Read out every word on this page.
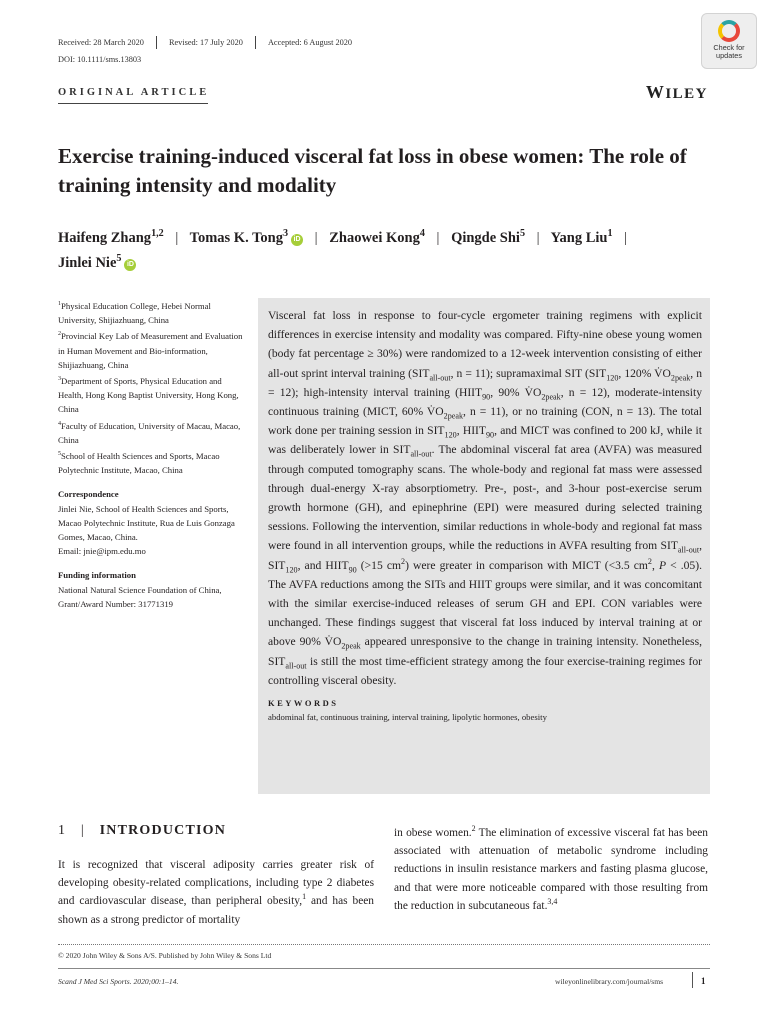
Received: 28 March 2020	Revised: 17 July 2020	Accepted: 6 August 2020
DOI: 10.1111/sms.13803
ORIGINAL ARTICLE	WILEY
Check for
updates
Exercise training-induced visceral fat loss in obese women: The role of training intensity and modality
Haifeng Zhang$^{1,2}$ | Tomas K. Tong$^3$iD | Zhaowei Kong$^4$ | Qingde Shi$^5$ | Yang Liu$^1$ | Jinlei Nie$^5$iD
$^1$Physical Education College, Hebei Normal University, Shijiazhuang, China
$^2$Provincial Key Lab of Measurement and Evaluation in Human Movement and Bio-information, Shijiazhuang, China
$^3$Department of Sports, Physical Education and Health, Hong Kong Baptist University, Hong Kong, China
$^4$Faculty of Education, University of Macau, Macao, China
$^5$School of Health Sciences and Sports, Macao Polytechnic Institute, Macao, China
Correspondence
Jinlei Nie, School of Health Sciences and Sports, Macao Polytechnic Institute, Rua de Luis Gonzaga Gomes, Macao, China.
Email: jnie@ipm.edu.mo
Funding information
National Natural Science Foundation of China, Grant/Award Number: 31771319
Visceral fat loss in response to four-cycle ergometer training regimens with explicit differences in exercise intensity and modality was compared. Fifty-nine obese young women (body fat percentage ≥ 30%) were randomized to a 12-week intervention consisting of either all-out sprint interval training ($SIT_{all-out}$, n = 11); supramaximal SIT ($SIT_{120}$, 120% $V̇O_{2peak}$, n = 12); high-intensity interval training ($HIIT_{90}$, 90% $V̇O_{2peak}$, n = 12), moderate-intensity continuous training (MICT, 60% $V̇O_{2peak}$, n = 11), or no training (CON, n = 13). The total work done per training session in $SIT_{120}$, $HIIT_{90}$, and MICT was confined to 200 kJ, while it was deliberately lower in $SIT_{all-out}$. The abdominal visceral fat area (AVFA) was measured through computed tomography scans. The whole-body and regional fat mass were assessed through dual-energy X-ray absorptiometry. Pre-, post-, and 3-hour post-exercise serum growth hormone (GH), and epinephrine (EPI) were measured during selected training sessions. Following the intervention, similar reductions in whole-body and regional fat mass were found in all intervention groups, while the reductions in AVFA resulting from $SIT_{all-out}$, $SIT_{120}$, and $HIIT_{90}$ (>15 $cm^2$) were greater in comparison with MICT (<3.5 $cm^2$, P < .05). The AVFA reductions among the SITs and HIIT groups were similar, and it was concomitant with the similar exercise-induced releases of serum GH and EPI. CON variables were unchanged. These findings suggest that visceral fat loss induced by interval training at or above 90% $V̇O_{2peak}$ appeared unresponsive to the change in training intensity. Nonetheless, $SIT_{all-out}$ is still the most time-efficient strategy among the four exercise-training regimes for controlling visceral obesity.
KEYWORDS
abdominal fat, continuous training, interval training, lipolytic hormones, obesity
1 | INTRODUCTION
It is recognized that visceral adiposity carries greater risk of developing obesity-related complications, including type 2 diabetes and cardiovascular disease, than peripheral obesity,$^1$ and has been shown as a strong predictor of mortality
in obese women.$^2$ The elimination of excessive visceral fat has been associated with attenuation of metabolic syndrome including reductions in insulin resistance markers and fasting plasma glucose, and that were more noticeable compared with those resulting from the reduction in subcutaneous fat.$^{3,4}$
© 2020 John Wiley & Sons A/S. Published by John Wiley & Sons Ltd
Scand J Med Sci Sports. 2020;00:1–14.	wileyonlinelibrary.com/journal/sms	1
